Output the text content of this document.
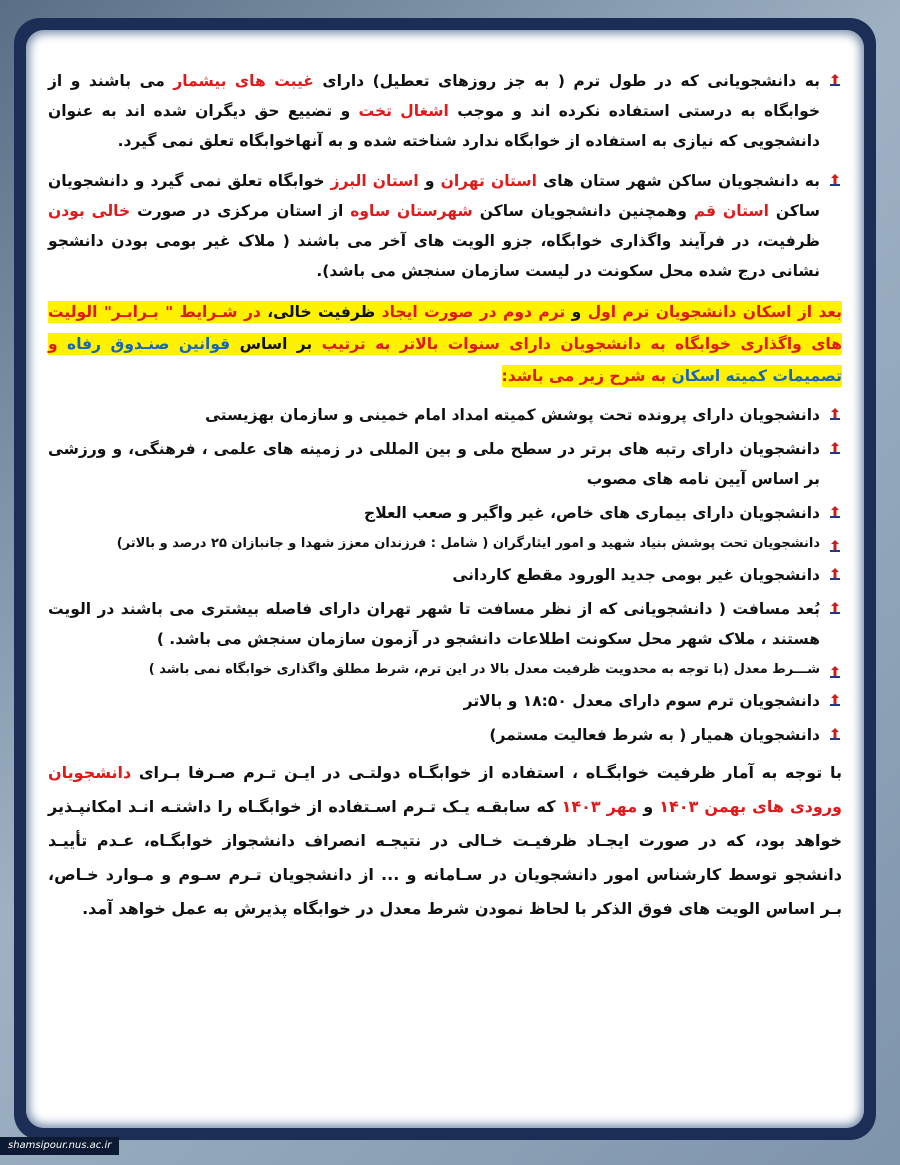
به دانشجویانی که در طول ترم ( به جز روزهای تعطیل) دارای غیبت های بیشمار می باشند و از خوابگاه به درستی استفاده نکرده اند و موجب اشغال تخت و تضییع حق دیگران شده اند به عنوان دانشجویی که نیازی به استفاده از خوابگاه ندارد شناخته شده و به آنهاخوابگاه تعلق نمی گیرد.

به دانشجویان ساکن شهر ستان های استان تهران و استان البرز خوابگاه تعلق نمی گیرد و دانشجویان ساکن استان قم وهمچنین دانشجویان ساکن شهرستان ساوه از استان مرکزی در صورت خالی بودن ظرفیت، در فرآیند واگذاری خوابگاه، جزو الویت های آخر می باشند ( ملاک غیر بومی بودن دانشجو نشانی درج شده محل سکونت در لیست سازمان سنجش می باشد).

بعد از اسکان دانشجویان ترم اول و ترم دوم در صورت ایجاد ظرفیت خالی، در شـرایط " بـرابـر" الولیت های واگذاری خوابگاه به دانشجویان دارای سنوات بالاتر به ترتیب بر اساس قوانین صنـدوق رفاه و تصمیمات کمیته اسکان به شرح زیر می باشد:

دانشجویان دارای پرونده تحت پوشش کمیته امداد امام خمینی و سازمان بهزیستی

دانشجویان دارای رتبه های برتر در سطح ملی و بین المللی در زمینه های علمی ، فرهنگی، و ورزشی بر اساس آیین نامه های مصوب

دانشجویان دارای بیماری های خاص، غیر واگیر و صعب العلاج

دانشجویان تحت پوشش بنیاد شهید و امور ایثارگران ( شامل : فرزندان معزز شهدا و جانبازان ۲۵ درصد و بالاتر)

دانشجویان غیر بومی جدید الورود مقطع کاردانی

بُعد مسافت ( دانشجویانی که از نظر مسافت تا شهر تهران دارای فاصله بیشتری می باشند در الویت هستند ، ملاک شهر محل سکونت اطلاعات دانشجو در آزمون سازمان سنجش می باشد. )

شـــرط معدل (با توجه به محدویت ظرفیت معدل بالا در این ترم، شرط مطلق واگذاری خوابگاه نمی باشد )

دانشجویان ترم سوم دارای معدل ۱۸:۵۰ و بالاتر

دانشجویان همیار ( به شرط فعالیت مستمر)

با توجه به آمار ظرفیت خوابگـاه ، استفاده از خوابگـاه دولتـی در ایـن تـرم صـرفا بـرای دانشجویان ورودی های بهمن ۱۴۰۳ و مهر ۱۴۰۳ که سابقـه یـک تـرم اسـتفاده از خوابگـاه را داشتـه انـد امکانپـذیر خواهد بود، که در صورت ایجـاد ظرفیـت خـالی در نتیجـه انصراف دانشجواز خوابگـاه، عـدم تأییـد دانشجو توسط کارشناس امور دانشجویان در سـامانه و ... از دانشجویان تـرم سـوم و مـوارد خـاص، بـر اساس الویت های فوق الذکر با لحاظ نمودن شرط معدل در خوابگاه پذیرش به عمل خواهد آمد.

shamsipour.nus.ac.ir
